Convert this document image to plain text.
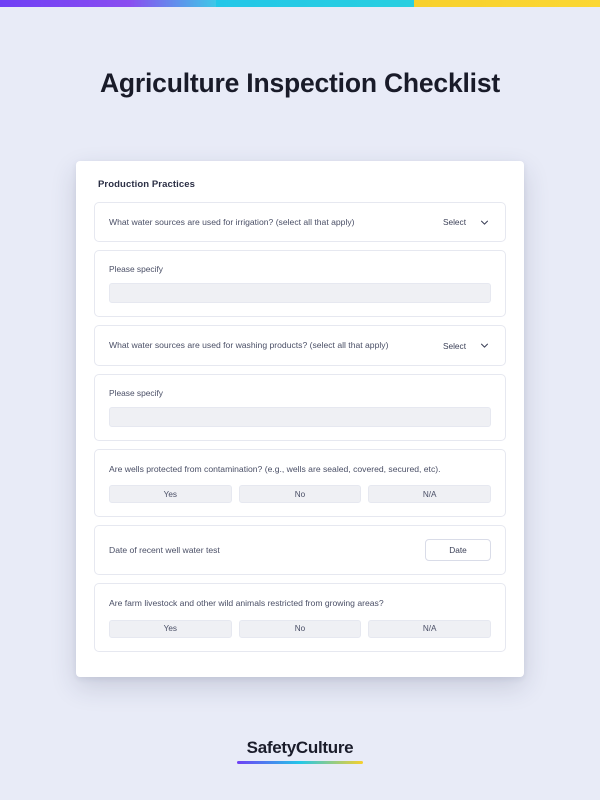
Agriculture Inspection Checklist
Production Practices
What water sources are used for irrigation? (select all that apply)	Select
Please specify
What water sources are used for washing products? (select all that apply)	Select
Please specify
Are wells protected from contamination? (e.g., wells are sealed, covered, secured, etc).
Yes	No	N/A
Date of recent well water test	Date
Are farm livestock and other wild animals restricted from growing areas?
Yes	No	N/A
SafetyCulture
